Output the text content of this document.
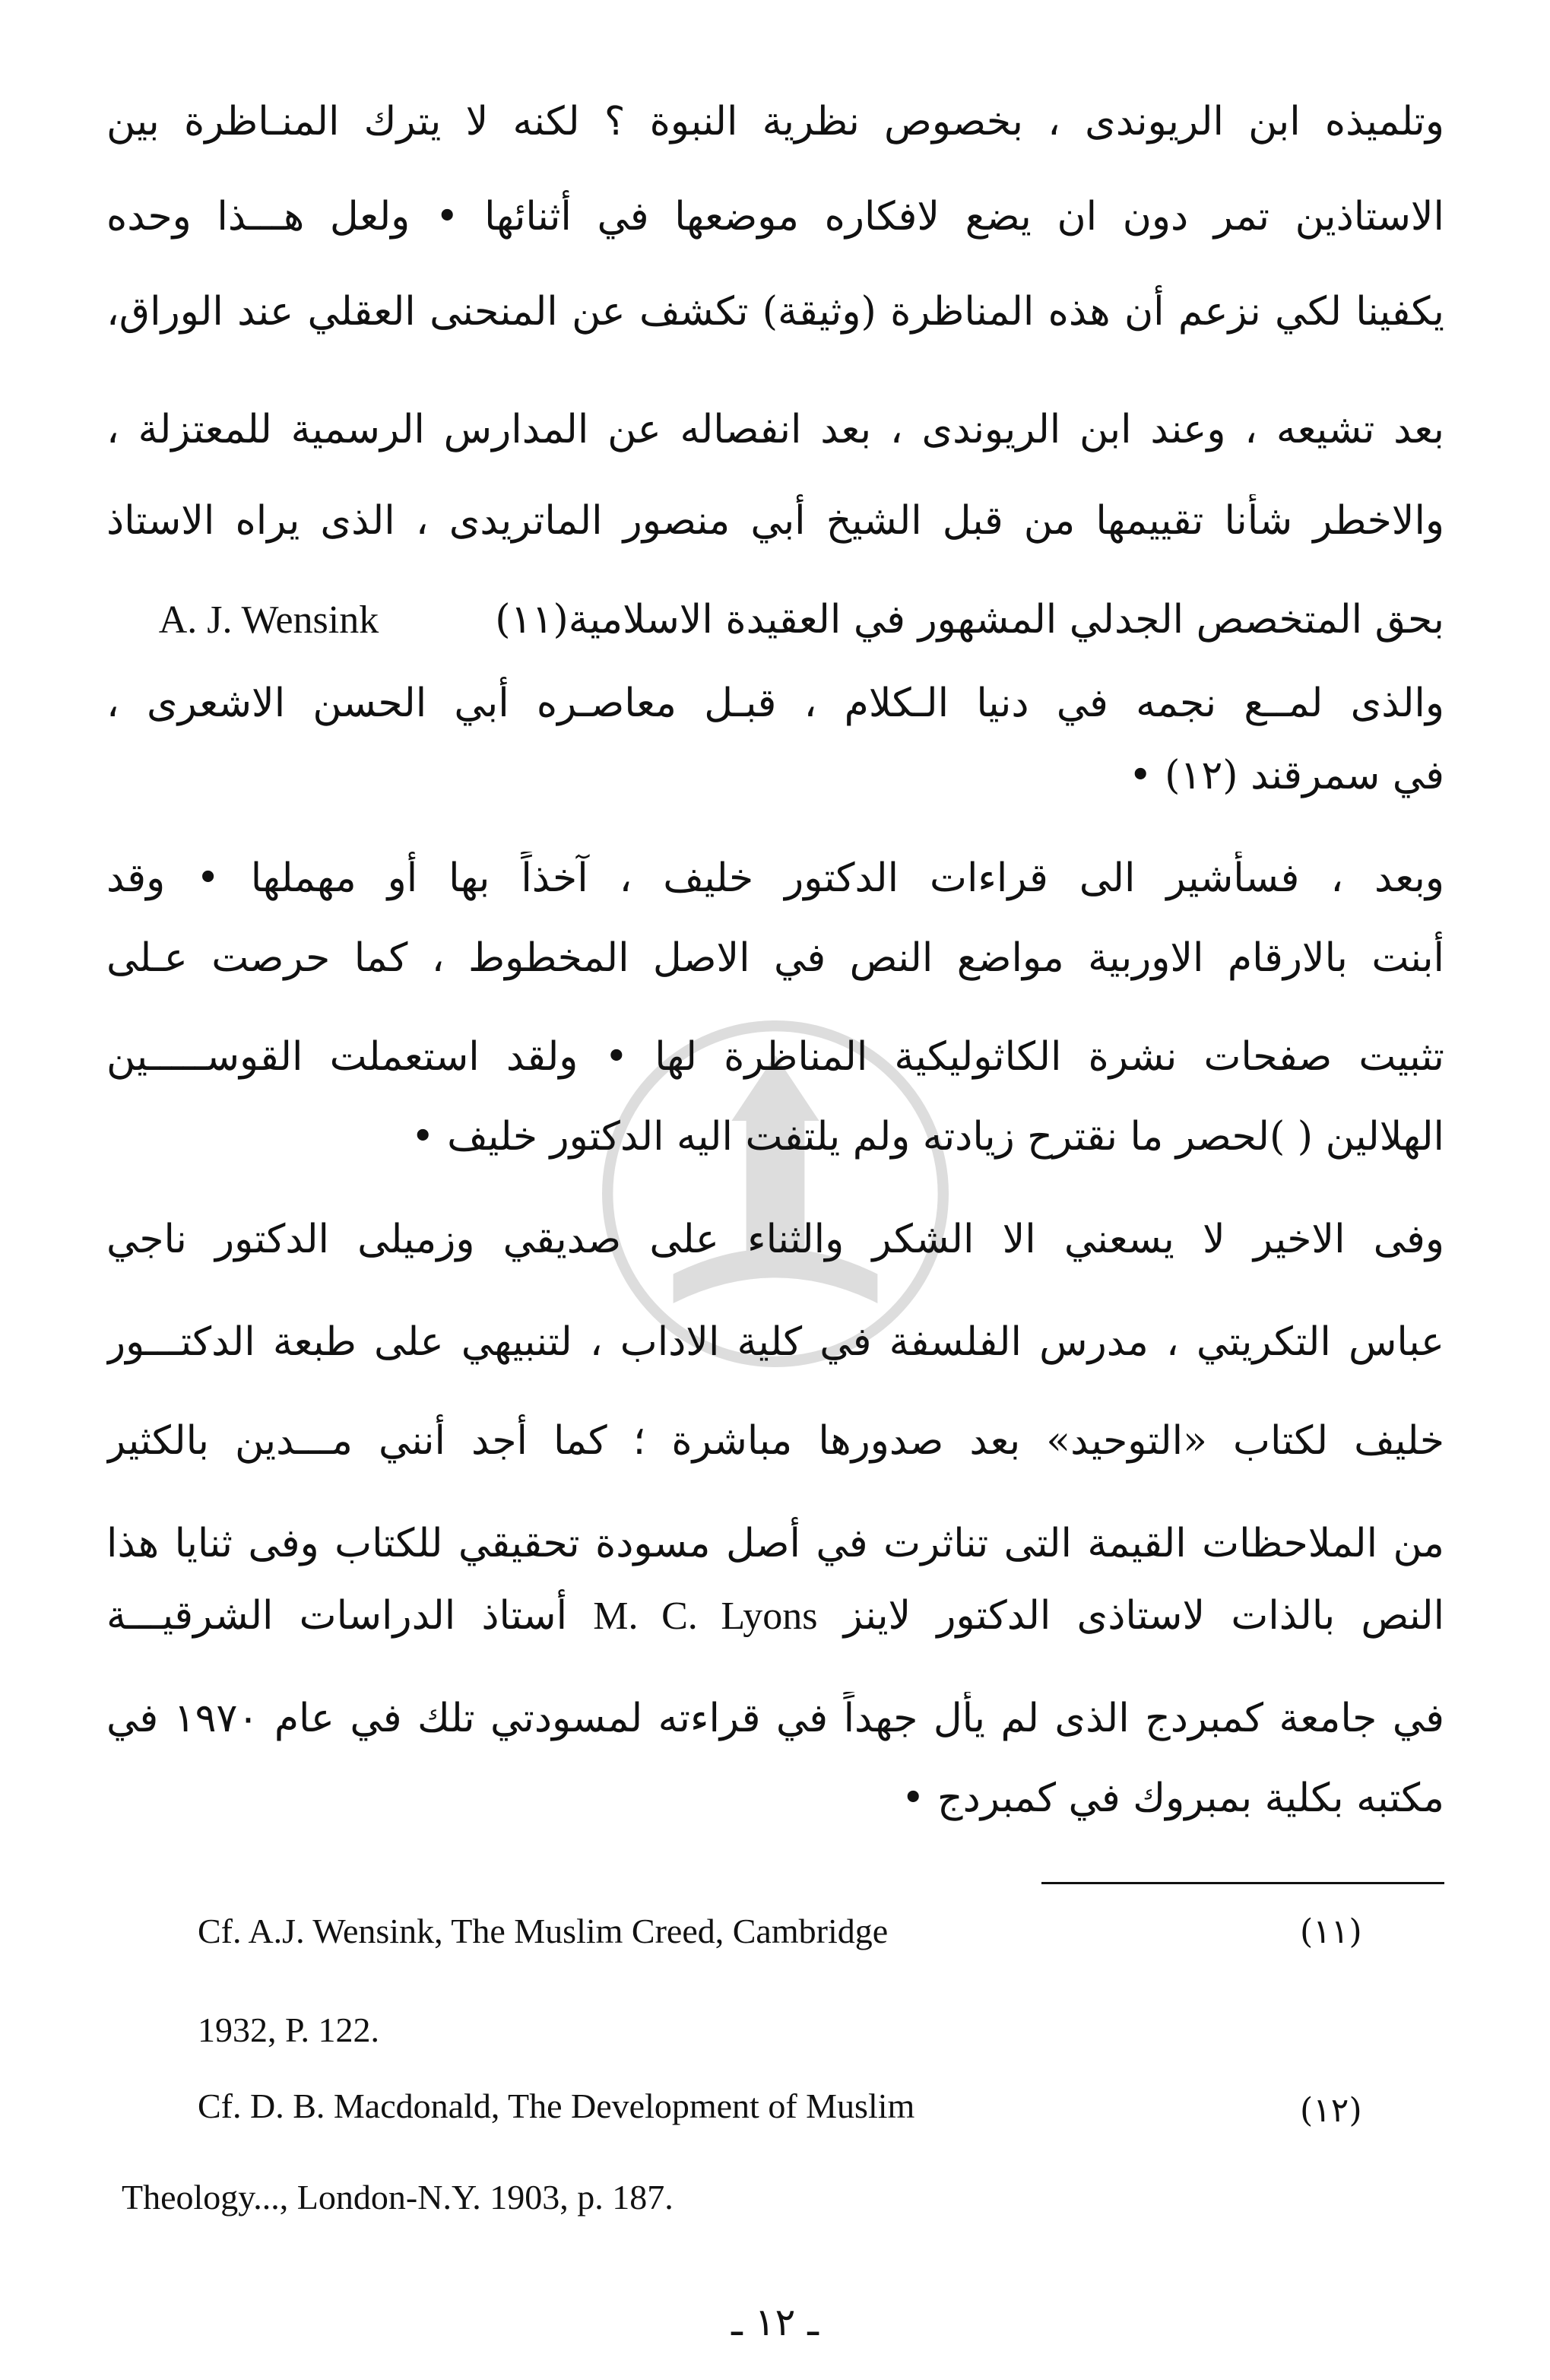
وتلميذه ابن الريوندى ، بخصوص نظرية النبوة ؟ لكنه لا يترك المنـاظرة بين
الاستاذين تمر دون ان يضع لافكاره موضعها في أثنائها • ولعل هـــذا وحده
يكفينا لكي نزعم أن هذه المناظرة (وثيقة) تكشف عن المنحنى العقلي عند الوراق،
بعد تشيعه ، وعند ابن الريوندى ، بعد انفصاله عن المدارس الرسمية للمعتزلة ،
والاخطر شأنا تقييمها من قبل الشيخ أبي منصور الماتريدى ، الذى يراه الاستاذ
بحق المتخصص الجدلي المشهور في العقيدة الاسلامية(١١)  A. J. Wensink
والذى لمــع نجمه في دنيا الـكلام ، قبـل معاصـره أبي الحسن الاشعرى ،
في سمرقند (١٢) •
وبعد ، فسأشير الى قراءات الدكتور خليف ، آخذاً بها أو مهملها • وقد
أبنت بالارقام الاوربية مواضع النص في الاصل المخطوط ، كما حرصت عـلى
تثبيت صفحات نشرة الكاثوليكية المناظرة لها • ولقد استعملت القوســـــين
الهلالين ( )لحصر ما نقترح زيادته ولم يلتفت اليه الدكتور خليف •
وفى الاخير لا يسعني الا الشكر والثناء على صديقي وزميلى الدكتور ناجي
عباس التكريتي ، مدرس الفلسفة في كلية الاداب ، لتنبيهي على طبعة الدكتـــور
خليف لكتاب «التوحيد» بعد صدورها مباشرة ؛ كما أجد أنني مـــدين بالكثير
من الملاحظات القيمة التى تناثرت في أصل مسودة تحقيقي للكتاب وفى ثنايا هذا
النص بالذات لاستاذى الدكتور لاينز M. C. Lyons أستاذ الدراسات الشرقيـــة
في جامعة كمبردج الذى لم يأل جهداً في قراءته لمسودتي تلك في عام ١٩٧٠ في
مكتبه بكلية بمبروك في كمبردج •
Cf. A.J. Wensink, The Muslim Creed, Cambridge	(١١)
1932, P. 122.
Cf. D. B. Macdonald, The Development of Muslim	(١٢)
Theology..., London-N.Y. 1903, p. 187.
ـ ١٢ ـ
